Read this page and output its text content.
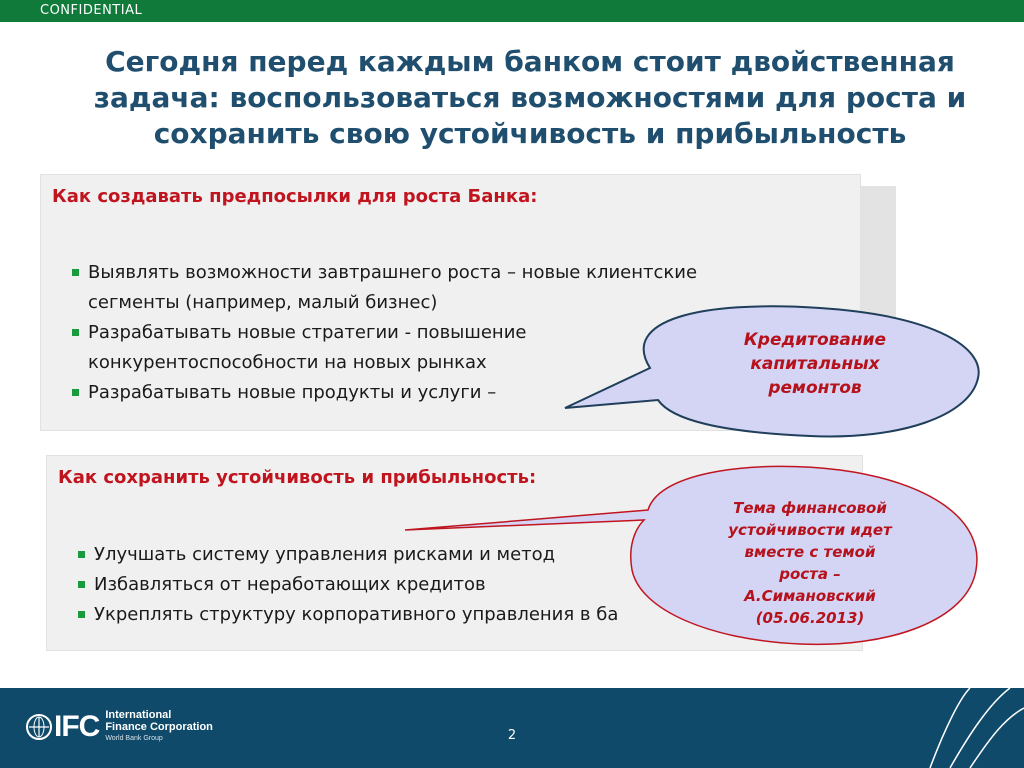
CONFIDENTIAL
Сегодня перед каждым банком стоит двойственная
задача: воспользоваться возможностями для роста и
сохранить свою устойчивость и прибыльность
Как создавать предпосылки для роста Банка:
Выявлять возможности завтрашнего роста – новые клиентские
сегменты (например, малый бизнес)
Разрабатывать новые стратегии - повышение
конкурентоспособности на новых рынках
Разрабатывать новые продукты и услуги –
Как сохранить устойчивость и прибыльность:
Улучшать систему управления рисками и метод
Избавляться от неработающих кредитов
Укреплять структуру корпоративного управления в ба
Кредитование
капитальных
ремонтов
Тема финансовой
устойчивости идет
вместе с темой
роста –
А.Симановский
(05.06.2013)
IFC International
Finance Corporation
World Bank Group	2
